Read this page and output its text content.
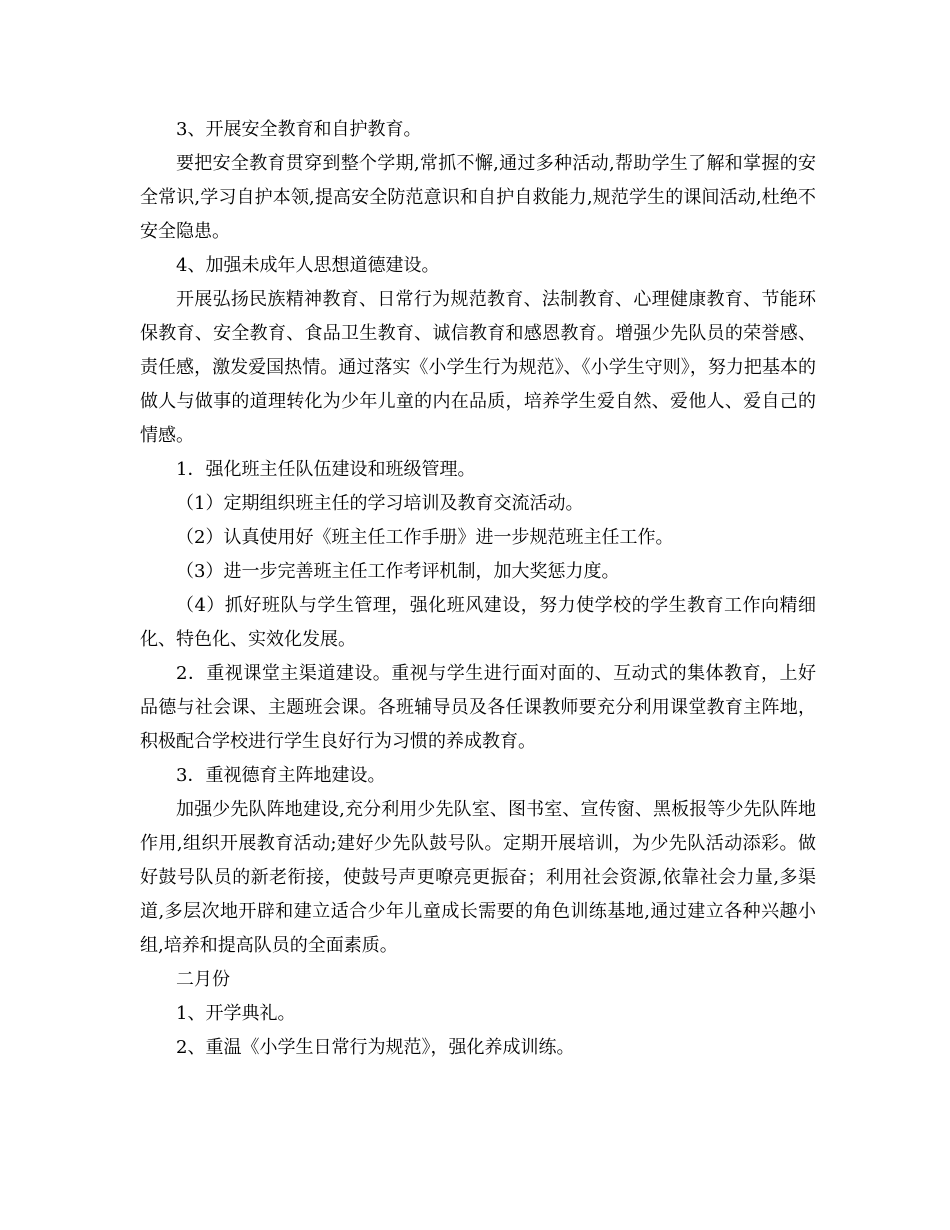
3、开展安全教育和自护教育。

要把安全教育贯穿到整个学期,常抓不懈,通过多种活动,帮助学生了解和掌握的安全常识,学习自护本领,提高安全防范意识和自护自救能力,规范学生的课间活动,杜绝不安全隐患。

4、加强未成年人思想道德建设。

开展弘扬民族精神教育、日常行为规范教育、法制教育、心理健康教育、节能环保教育、安全教育、食品卫生教育、诚信教育和感恩教育。增强少先队员的荣誉感、责任感，激发爱国热情。通过落实《小学生行为规范》、《小学生守则》，努力把基本的做人与做事的道理转化为少年儿童的内在品质，培养学生爱自然、爱他人、爱自己的情感。

1．强化班主任队伍建设和班级管理。

（1）定期组织班主任的学习培训及教育交流活动。

（2）认真使用好《班主任工作手册》进一步规范班主任工作。

（3）进一步完善班主任工作考评机制，加大奖惩力度。

（4）抓好班队与学生管理，强化班风建设，努力使学校的学生教育工作向精细化、特色化、实效化发展。

2．重视课堂主渠道建设。重视与学生进行面对面的、互动式的集体教育，上好品德与社会课、主题班会课。各班辅导员及各任课教师要充分利用课堂教育主阵地，积极配合学校进行学生良好行为习惯的养成教育。

3．重视德育主阵地建设。

加强少先队阵地建设,充分利用少先队室、图书室、宣传窗、黑板报等少先队阵地作用,组织开展教育活动;建好少先队鼓号队。定期开展培训，为少先队活动添彩。做好鼓号队员的新老衔接，使鼓号声更嘹亮更振奋；利用社会资源,依靠社会力量,多渠道,多层次地开辟和建立适合少年儿童成长需要的角色训练基地,通过建立各种兴趣小组,培养和提高队员的全面素质。

二月份

1、开学典礼。

2、重温《小学生日常行为规范》，强化养成训练。
